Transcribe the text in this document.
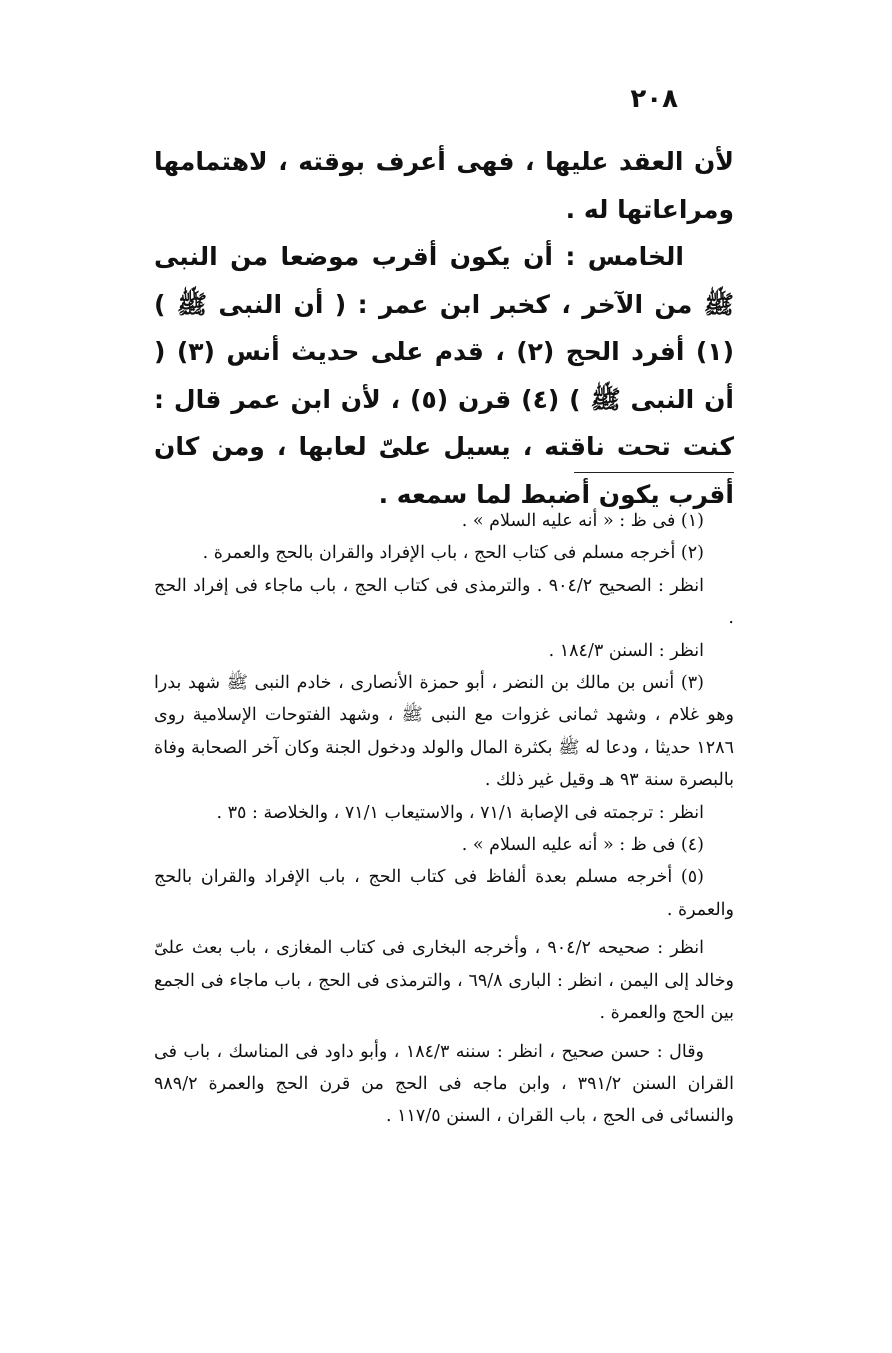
٢٠٨

لأن العقد عليها ، فهى أعرف بوقته ، لاهتمامها ومراعاتها له .

الخامس : أن يكون أقرب موضعا من النبى ﷺ من الآخر ، كخبر ابن عمر : ( أن النبى ﷺ ) (١) أفرد الحج (٢) ، قدم على حديث أنس (٣) ( أن النبى ﷺ ) (٤) قرن (٥) ، لأن ابن عمر قال : كنت تحت ناقته ، يسيل علىّ لعابها ، ومن كان أقرب يكون أضبط لما سمعه .

(١) فى ظ : « أنه عليه السلام » .

(٢) أخرجه مسلم فى كتاب الحج ، باب الإفراد والقران بالحج والعمرة .

انظر : الصحيح ٩٠٤/٢ . والترمذى فى كتاب الحج ، باب ماجاء فى إفراد الحج .

انظر : السنن ١٨٤/٣ .

(٣) أنس بن مالك بن النضر ، أبو حمزة الأنصارى ، خادم النبى ﷺ شهد بدرا وهو غلام ، وشهد ثمانى غزوات مع النبى ﷺ ، وشهد الفتوحات الإسلامية روى ١٢٨٦ حديثا ، ودعا له ﷺ بكثرة المال والولد ودخول الجنة وكان آخر الصحابة وفاة بالبصرة سنة ٩٣ هـ وقيل غير ذلك .

انظر : ترجمته فى الإصابة ٧١/١ ، والاستيعاب ٧١/١ ، والخلاصة : ٣٥ .

(٤) فى ظ : « أنه عليه السلام » .

(٥) أخرجه مسلم بعدة ألفاظ فى كتاب الحج ، باب الإفراد والقران بالحج والعمرة .

انظر : صحيحه ٩٠٤/٢ ، وأخرجه البخارى فى كتاب المغازى ، باب بعث علىّ وخالد إلى اليمن ، انظر : البارى ٦٩/٨ ، والترمذى فى الحج ، باب ماجاء فى الجمع بين الحج والعمرة .

وقال : حسن صحيح ، انظر : سننه ١٨٤/٣ ، وأبو داود فى المناسك ، باب فى القران السنن ٣٩١/٢ ، وابن ماجه فى الحج من قرن الحج والعمرة ٩٨٩/٢ والنسائى فى الحج ، باب القران ، السنن ١١٧/٥ .
